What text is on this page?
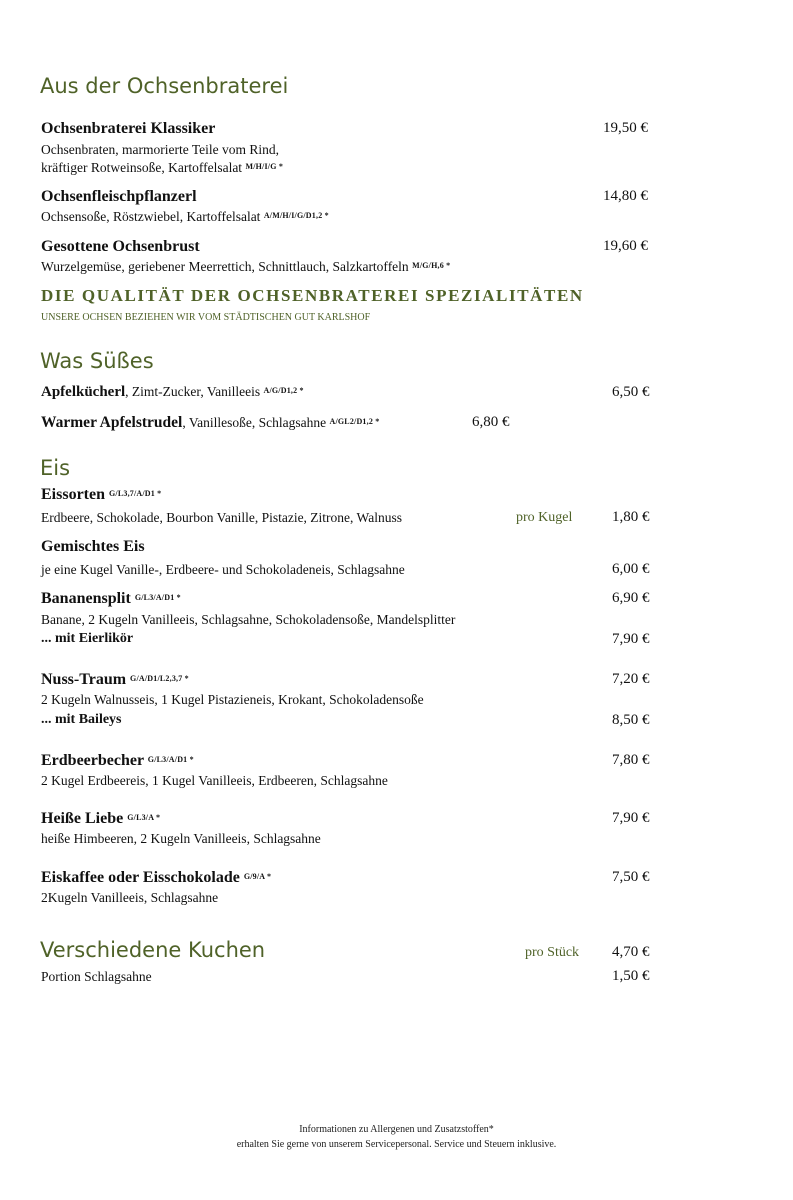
Aus der Ochsenbraterei
Ochsenbraterei Klassiker	19,50 €
Ochsenbraten, marmorierte Teile vom Rind,
kräftiger Rotweinsoße, Kartoffelsalat $^{M/H/I/G *}$
Ochsenfleischpflanzerl	14,80 €
Ochsensoße, Röstzwiebel, Kartoffelsalat $^{A/M/H/I/G/D1,2 *}$
Gesottene Ochsenbrust	19,60 €
Wurzelgemüse, geriebener Meerrettich, Schnittlauch, Salzkartoffeln $^{M/G/H,6 *}$
DIE QUALITÄT DER OCHSENBRATEREI SPEZIALITÄTEN
UNSERE OCHSEN BEZIEHEN WIR VOM STÄDTISCHEN GUT KARLSHOF
Was Süßes
Apfelkücherl, Zimt-Zucker, Vanilleeis $^{A/G/D1,2 *}$	6,50 €
Warmer Apfelstrudel, Vanillesoße, Schlagsahne $^{A/GL2/D1,2 *}$	6,80 €
Eis
Eissorten G/L3,7/A/D1 *
Erdbeere, Schokolade, Bourbon Vanille, Pistazie, Zitrone, Walnuss	pro Kugel	1,80 €
Gemischtes Eis
je eine Kugel Vanille-, Erdbeere- und Schokoladeneis, Schlagsahne	6,00 €
Bananensplit G/L3/A/D1 *	6,90 €
Banane, 2 Kugeln Vanilleeis, Schlagsahne, Schokoladensoße, Mandelsplitter
... mit Eierlikör	7,90 €
Nuss-Traum G/A/D1/L2,3,7 *	7,20 €
2 Kugeln Walnusseis, 1 Kugel Pistazieneis, Krokant, Schokoladensoße
... mit Baileys	8,50 €
Erdbeerbecher G/L3/A/D1 *	7,80 €
2 Kugel Erdbeereis, 1 Kugel Vanilleeis, Erdbeeren, Schlagsahne
Heiße Liebe G/L3/A *	7,90 €
heiße Himbeeren, 2 Kugeln Vanilleeis, Schlagsahne
Eiskaffee oder Eisschokolade G/9/A *	7,50 €
2Kugeln Vanilleeis, Schlagsahne
Verschiedene Kuchen	pro Stück 4,70 €
Portion Schlagsahne	1,50 €
Informationen zu Allergenen und Zusatzstoffen*
erhalten Sie gerne von unserem Servicepersonal. Service und Steuern inklusive.
